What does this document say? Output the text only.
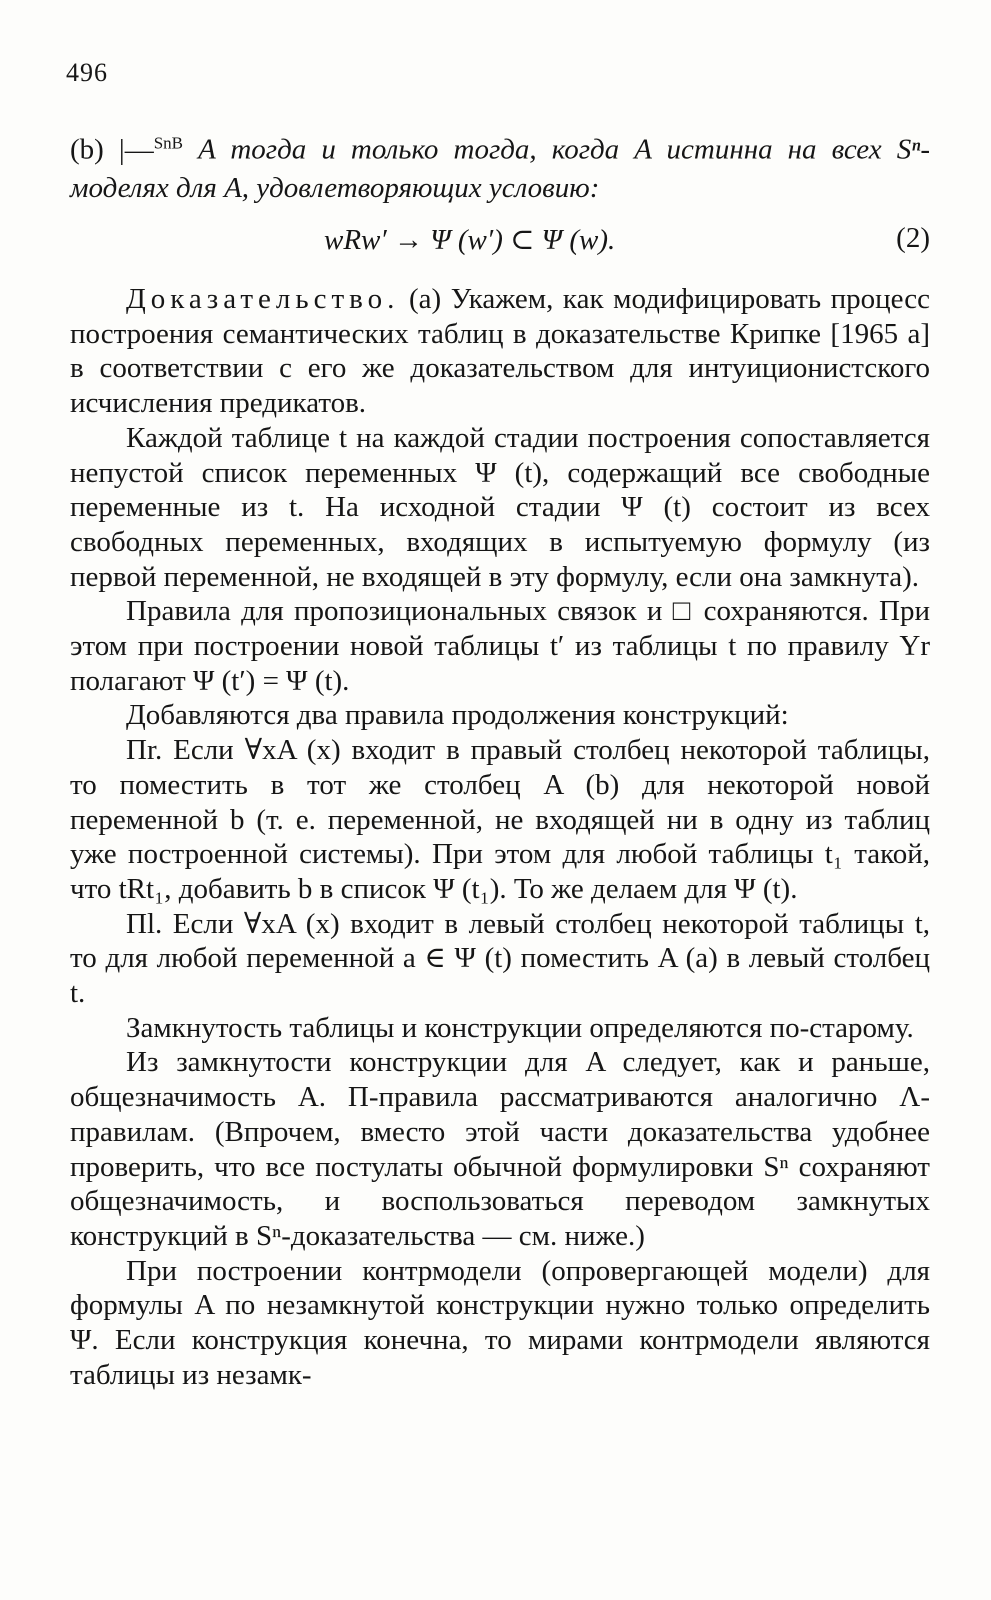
496
(b) |—$^{SnB}$ A тогда и только тогда, когда A истинна на всех Sⁿ-моделях для A, удовлетворяющих условию:
wRw′ → Ψ (w′) ⊂ Ψ (w).	(2)

Доказательство. (а) Укажем, как модифицировать процесс построения семантических таблиц в доказательстве Крипке [1965 а] в соответствии с его же доказательством для интуиционистского исчисления предикатов.

Каждой таблице t на каждой стадии построения сопоставляется непустой список переменных Ψ (t), содержащий все свободные переменные из t. На исходной стадии Ψ (t) состоит из всех свободных переменных, входящих в испытуемую формулу (из первой переменной, не входящей в эту формулу, если она замкнута).

Правила для пропозициональных связок и □ сохраняются. При этом при построении новой таблицы t′ из таблицы t по правилу Υr полагают Ψ (t′) = Ψ (t).

Добавляются два правила продолжения конструкций:

Пr. Если ∀xA (x) входит в правый столбец некоторой таблицы, то поместить в тот же столбец A (b) для некоторой новой переменной b (т. е. переменной, не входящей ни в одну из таблиц уже построенной системы). При этом для любой таблицы t₁ такой, что tRt₁, добавить b в список Ψ (t₁). То же делаем для Ψ (t).

Пl. Если ∀xA (x) входит в левый столбец некоторой таблицы t, то для любой переменной a ∈ Ψ (t) поместить A (a) в левый столбец t.

Замкнутость таблицы и конструкции определяются по-старому.

Из замкнутости конструкции для A следует, как и раньше, общезначимость A. П-правила рассматриваются аналогично Λ-правилам. (Впрочем, вместо этой части доказательства удобнее проверить, что все постулаты обычной формулировки Sⁿ сохраняют общезначимость, и воспользоваться переводом замкнутых конструкций в Sⁿ-доказательства — см. ниже.)

При построении контрмодели (опровергающей модели) для формулы A по незамкнутой конструкции нужно только определить Ψ. Если конструкция конечна, то мирами контрмодели являются таблицы из незамк-
